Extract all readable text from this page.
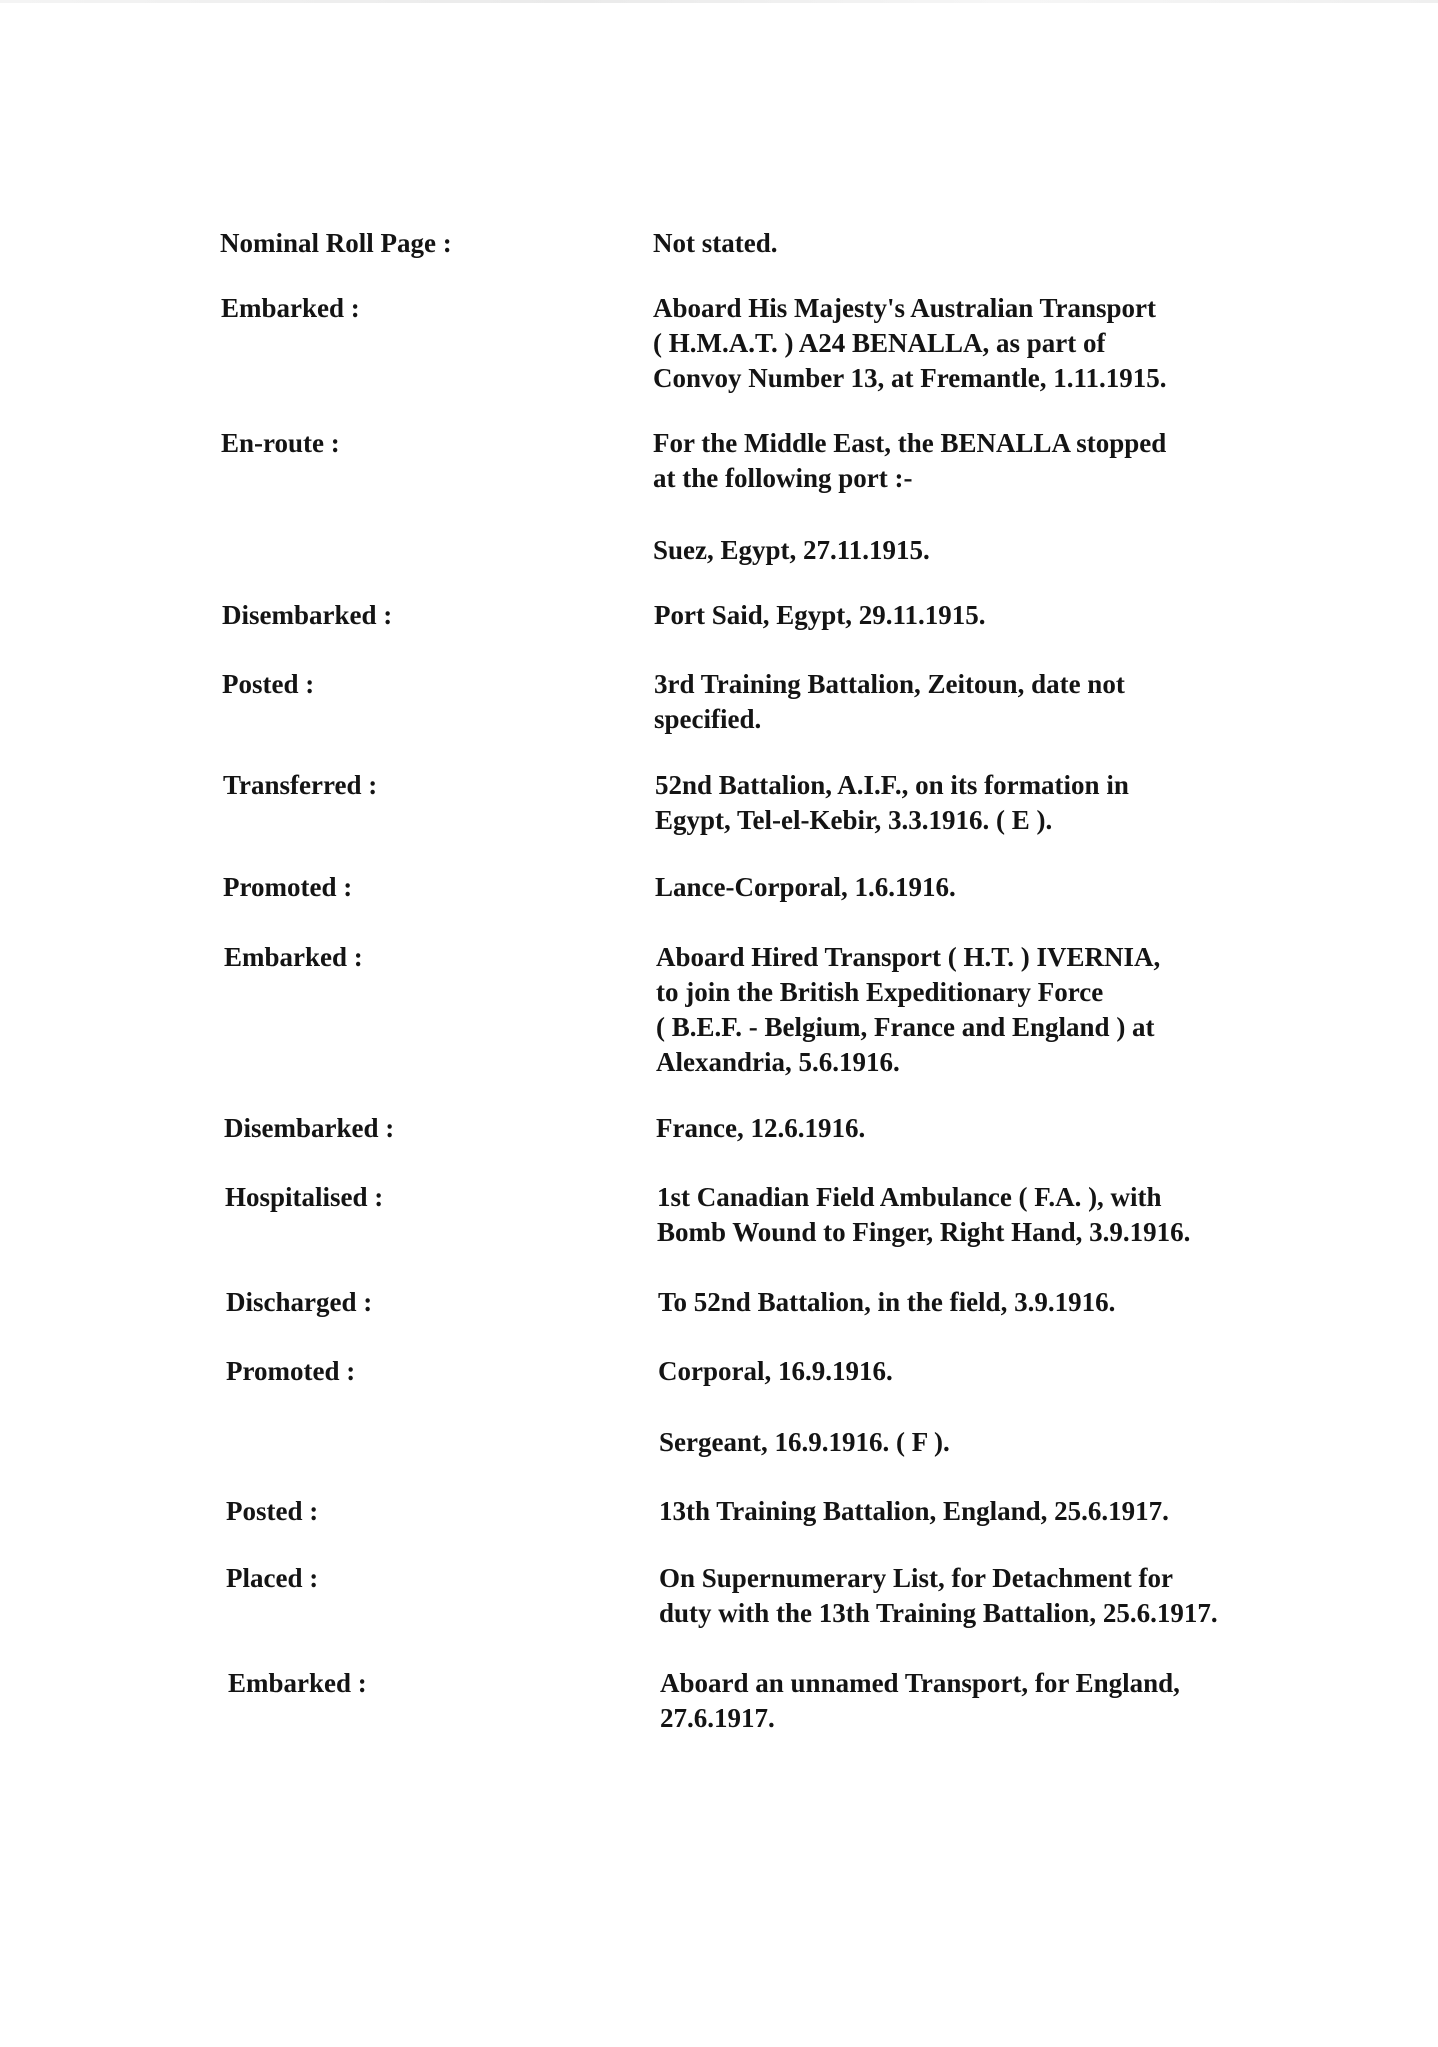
Nominal Roll Page :	Not stated.
Embarked :	Aboard His Majesty's Australian Transport
( H.M.A.T. ) A24 BENALLA, as part of
Convoy Number 13, at Fremantle, 1.11.1915.
En-route :	For the Middle East, the BENALLA stopped
at the following port :-
Suez, Egypt, 27.11.1915.
Disembarked :	Port Said, Egypt, 29.11.1915.
Posted :	3rd Training Battalion, Zeitoun, date not
specified.
Transferred :	52nd Battalion, A.I.F., on its formation in
Egypt, Tel-el-Kebir, 3.3.1916. ( E ).
Promoted :	Lance-Corporal, 1.6.1916.
Embarked :	Aboard Hired Transport ( H.T. ) IVERNIA,
to join the British Expeditionary Force
( B.E.F. - Belgium, France and England ) at
Alexandria, 5.6.1916.
Disembarked :	France, 12.6.1916.
Hospitalised :	1st Canadian Field Ambulance ( F.A. ), with
Bomb Wound to Finger, Right Hand, 3.9.1916.
Discharged :	To 52nd Battalion, in the field, 3.9.1916.
Promoted :	Corporal, 16.9.1916.
Sergeant, 16.9.1916. ( F ).
Posted :	13th Training Battalion, England, 25.6.1917.
Placed :	On Supernumerary List, for Detachment for
duty with the 13th Training Battalion, 25.6.1917.
Embarked :	Aboard an unnamed Transport, for England,
27.6.1917.
